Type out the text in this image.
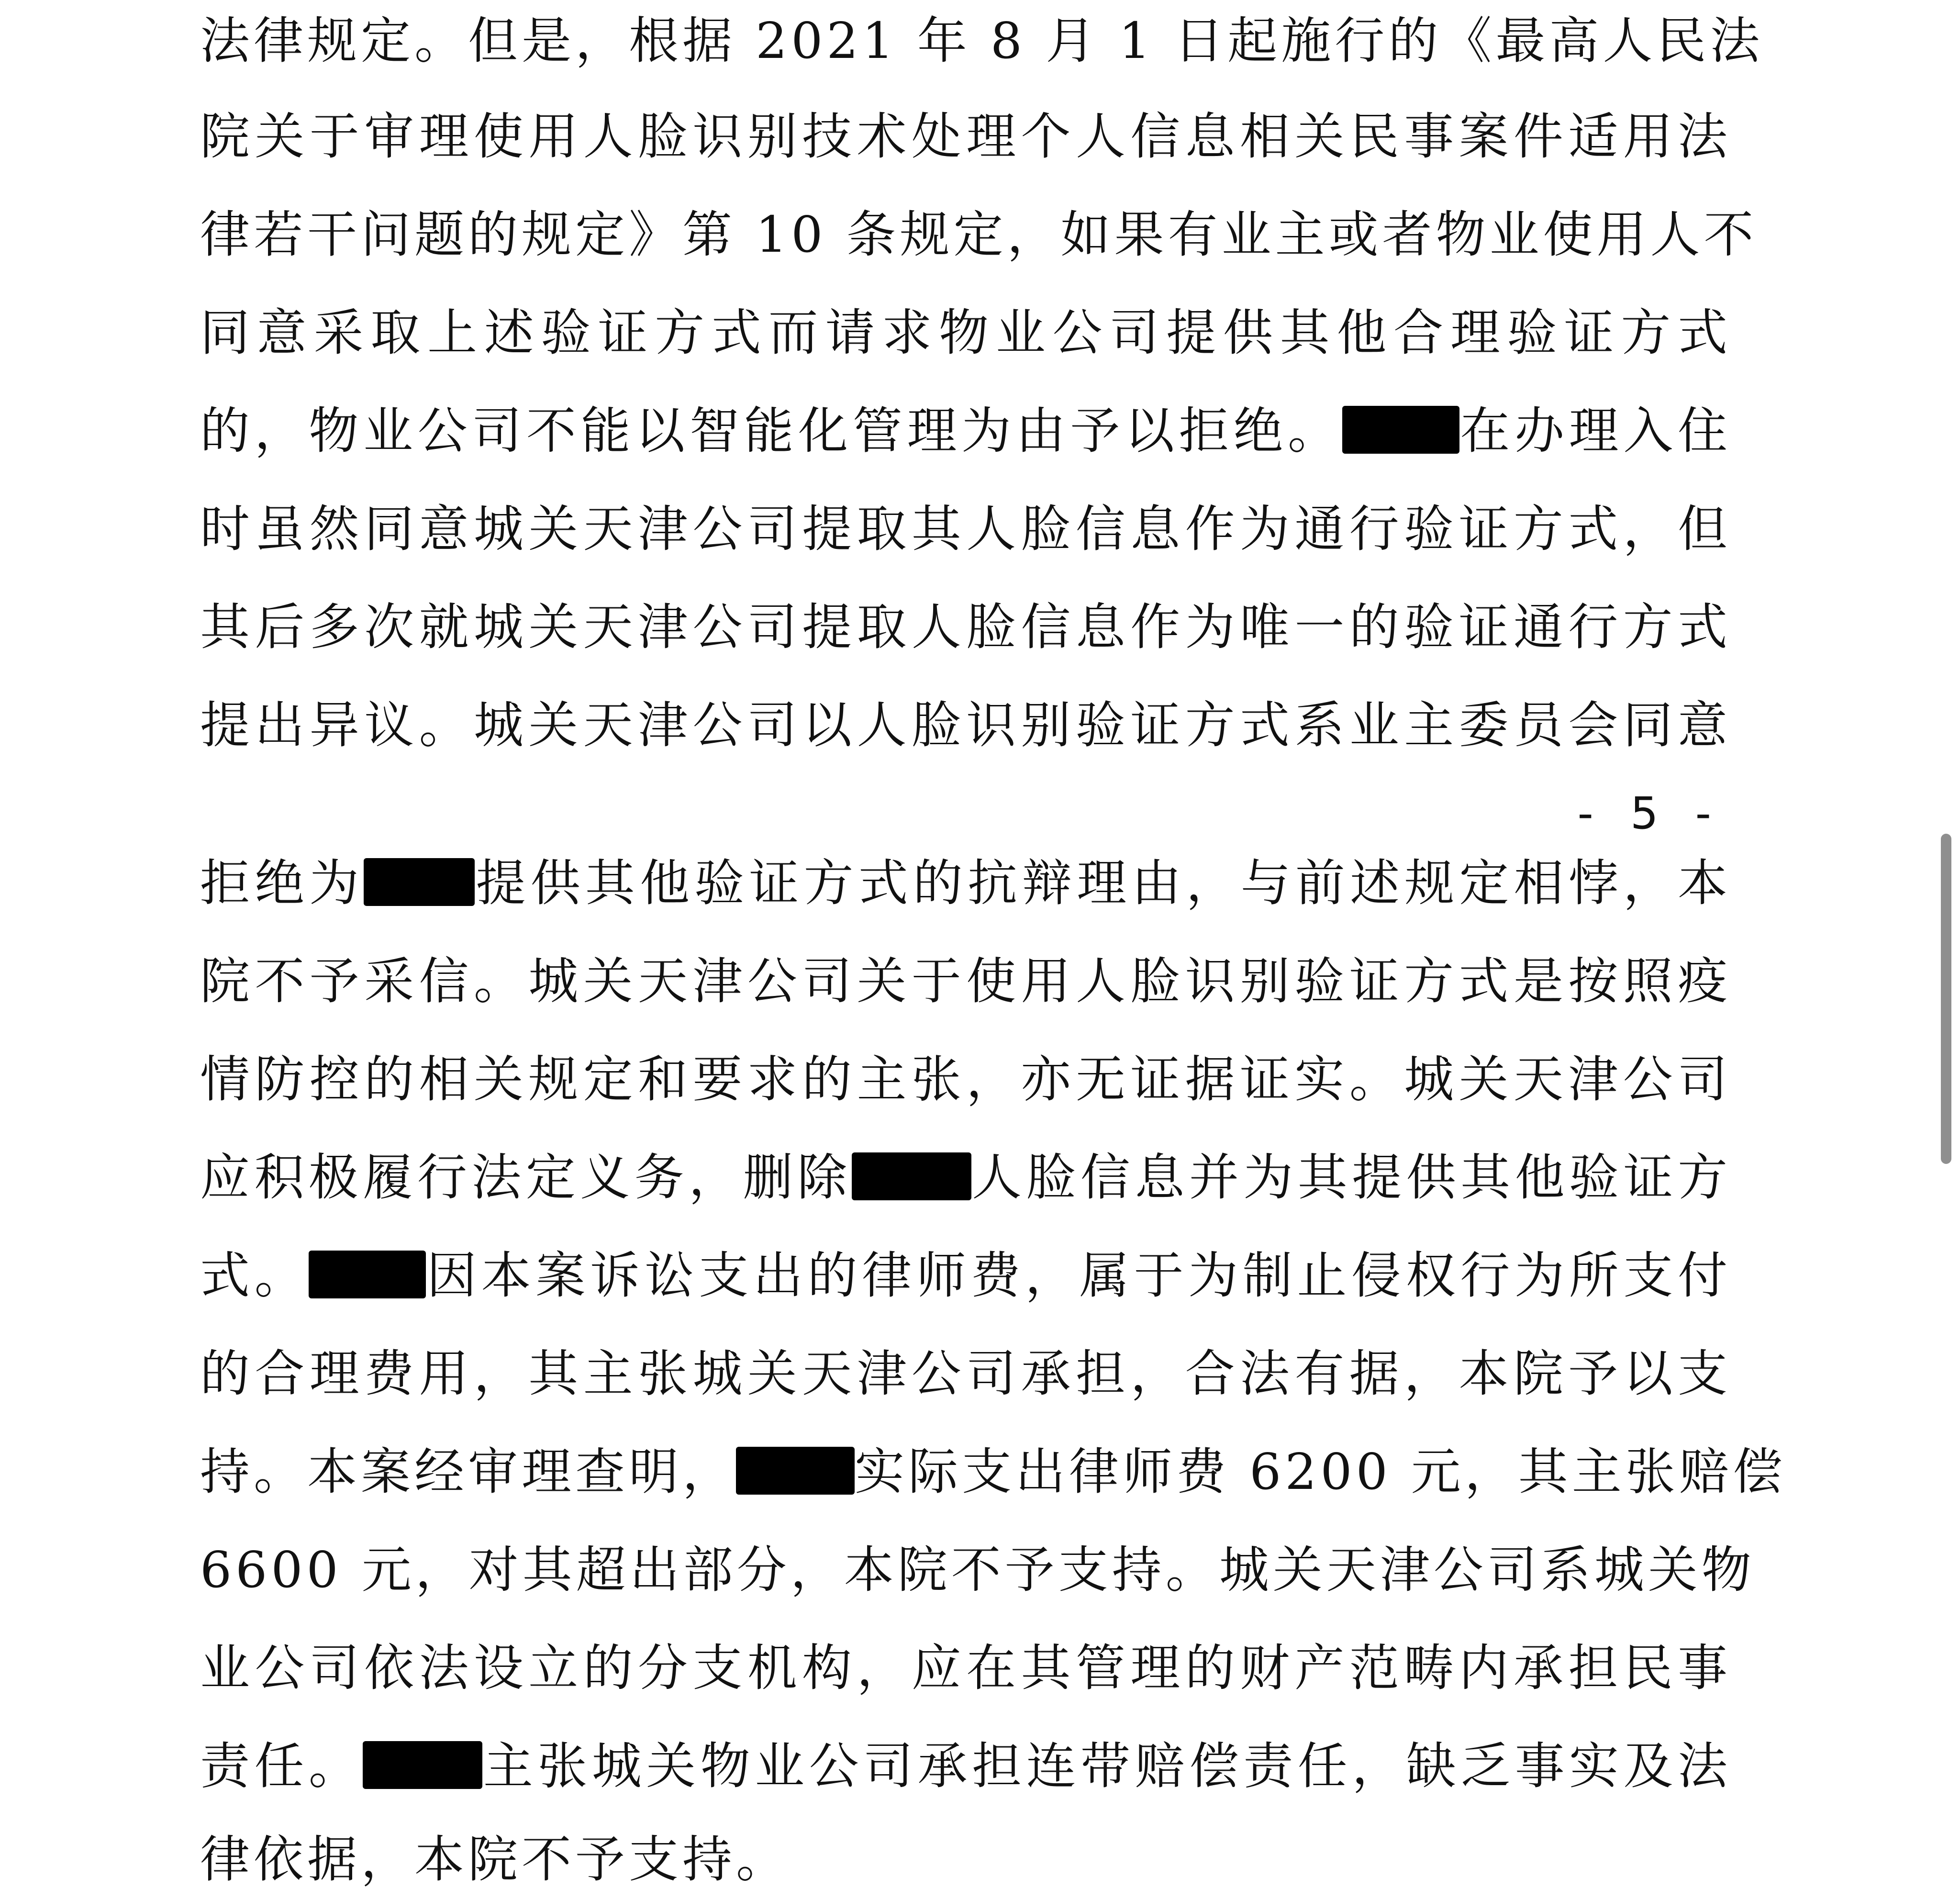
法律规定。但是，根据 2021 年 8 月 1 日起施行的《最高人民法
院关于审理使用人脸识别技术处理个人信息相关民事案件适用法
律若干问题的规定》第 10 条规定，如果有业主或者物业使用人不
同意采取上述验证方式而请求物业公司提供其他合理验证方式
的，物业公司不能以智能化管理为由予以拒绝。 在办理入住
时虽然同意城关天津公司提取其人脸信息作为通行验证方式，但
其后多次就城关天津公司提取人脸信息作为唯一的验证通行方式
提出异议。城关天津公司以人脸识别验证方式系业主委员会同意
- 5 -
拒绝为 提供其他验证方式的抗辩理由，与前述规定相悖，本
院不予采信。城关天津公司关于使用人脸识别验证方式是按照疫
情防控的相关规定和要求的主张，亦无证据证实。城关天津公司
应积极履行法定义务，删除 人脸信息并为其提供其他验证方
式。 因本案诉讼支出的律师费，属于为制止侵权行为所支付
的合理费用，其主张城关天津公司承担，合法有据，本院予以支
持。本案经审理查明， 实际支出律师费 6200 元，其主张赔偿
6600 元，对其超出部分，本院不予支持。城关天津公司系城关物
业公司依法设立的分支机构，应在其管理的财产范畴内承担民事
责任。 主张城关物业公司承担连带赔偿责任，缺乏事实及法
律依据，本院不予支持。
